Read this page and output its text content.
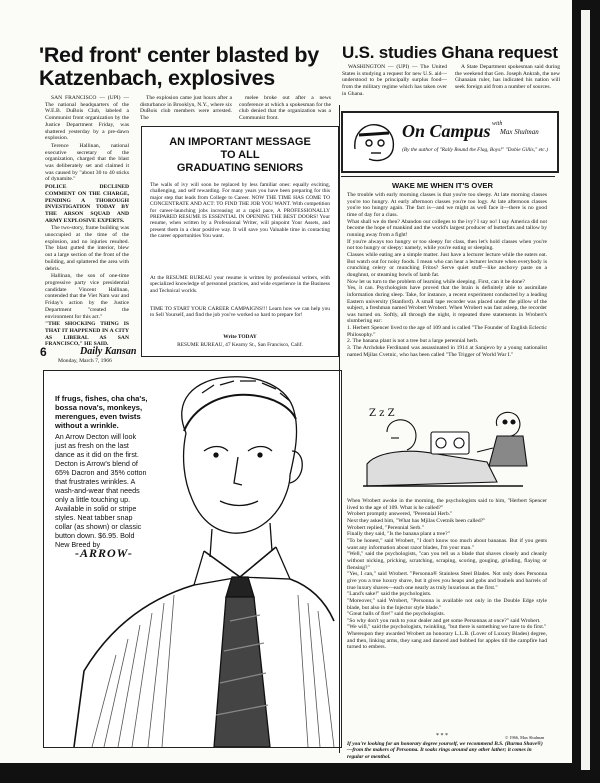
'Red front' center blasted by Katzenbach, explosives

SAN FRANCISCO — (UPI) — The national headquarters of the W.E.B. DuBois Club, labeled a Communist front organization by the Justice Department Friday, was shattered yesterday by a pre-dawn explosion.

Terence Hallinan, national executive secretary of the organization, charged that the blast was deliberately set and claimed it was caused by "about 30 to 40 sticks of dynamite."

POLICE DECLINED COMMENT ON THE CHARGE, PENDING A THOROUGH INVESTIGATION TODAY BY THE ARSON SQUAD AND ARMY EXPLOSIVE EXPERTS.

The two-story, frame building was unoccupied at the time of the explosion, and no injuries resulted. The blast gutted the interior, blew out a large section of the front of the building, and splattered the area with debris.

Hallinan, the son of one-time progressive party vice presidential candidate Vincent Hallinan, contended that the Viet Nam war and Friday's action by the Justice Department "created the environment for this act."

"THE SHOCKING THING IS THAT IT HAPPENED IN A CITY AS LIBERAL AS SAN FRANCISCO," HE SAID.

The explosion came just hours after a disturbance in Brooklyn, N.Y., where six DuBois club members were arrested. The

melee broke out after a news conference at which a spokesman for the club denied that the organization was a Communist front.

U.S. studies Ghana request

WASHINGTON — (UPI) — The United States is studying a request for new U.S. aid—understood to be principally surplus food—from the military regime which has taken over in Ghana.

A State Department spokesman said during the weekend that Gen. Joseph Ankrah, the new Ghanaian ruler, has indicated his nation will seek foreign aid from a number of sources.

AN IMPORTANT MESSAGE
TO ALL
GRADUATING SENIORS
The walls of ivy will soon be replaced by less familiar ones: equally exciting, challenging, and self rewarding. For many years you have been preparing for this major step that leads from College to Career. NOW THE TIME HAS COME TO CONCENTRATE AND ACT: TO FIND THE JOB YOU WANT. With competition for career-launching jobs increasing at a rapid pace, A PROFESSIONALLY PREPARED RESUME IS ESSENTIAL IN OPENING THE BEST DOORS! Your resume, when written by a Professional Writer, will pinpoint Your Assets, and present them in a clear positive way. It will save you Valuable time in contacting the career opportunities You want.
At the RESUME BUREAU your resume is written by professional writers, with specialized knowledge of personnel practices, and wide experience in the Business and Technical worlds.
TIME TO START YOUR CAREER CAMPAIGNS!!! Learn how we can help you to Sell Yourself, and find the job you've worked so hard to prepare for!
Write TODAY
RESUME BUREAU, 47 Kearny St., San Francisco, Calif.
6	Daily Kansan
Monday, March 7, 1966
If frugs, fishes, cha cha's, bossa nova's, monkeys, merengues, even twists without a wrinkle.
An Arrow Decton will look just as fresh on the last dance as it did on the first. Decton is Arrow's blend of 65% Dacron and 35% cotton that frustrates wrinkles. A wash-and-wear that needs only a little touching up. Available in solid or stripe styles. Neat tabber snap collar (as shown) or classic button down. $6.95. Bold New Breed by
-ARROW-
On Campus with
Max Shulman
(By the author of "Rally Round the Flag, Boys!" "Dobie Gillis," etc.)
WAKE ME WHEN IT'S OVER

The trouble with early morning classes is that you're too sleepy. At late morning classes you're too hungry. At early afternoon classes you're too logy. At late afternoon classes you're too hungry again. The fact is—and we might as well face it—there is no good time of day for a class.

What shall we do then? Abandon our colleges to the ivy? I say no! I say America did not become the hope of mankind and the world's largest producer of butterfats and tallow by running away from a fight!

If you're always too hungry or too sleepy for class, then let's hold classes when you're not too hungry or sleepy: namely, while you're eating or sleeping.

Classes while eating are a simple matter. Just have a lecturer lecture while the eaters eat. But watch out for noisy foods. I mean who can hear a lecturer lecture when everybody is crunching celery or munching Fritos? Serve quiet stuff—like anchovy paste on a doughnut, or steaming bowls of lamb fat.

Now let us turn to the problem of learning while sleeping. First, can it be done?

Yes, it can. Psychologists have proved that the brain is definitely able to assimilate information during sleep. Take, for instance, a recent experiment conducted by a leading Eastern university (Stanford). A small tape recorder was placed under the pillow of the subject, a freshman named Wrobert Wrobert. When Wrobert was fast asleep, the recorder was turned on. Softly, all through the night, it repeated three statements in Wrobert's slumbering ear:

1. Herbert Spencer lived to the age of 109 and is called "The Founder of English Eclectic Philosophy."

2. The banana plant is not a tree but a large perennial herb.

3. The Archduke Ferdinand was assassinated in 1914 at Sarajevo by a young nationalist named Mjilas Cvetnic, who has been called "The Trigger of World War I."

Z z Z

When Wrobert awoke in the morning, the psychologists said to him, "Herbert Spencer lived to the age of 109. What is he called?"

Wrobert promptly answered, "Perennial Herb."

Next they asked him, "What has Mjilas Cvetnik been called?"

Wrobert replied, "Perennial Serb."

Finally they said, "Is the banana plant a tree?"

"To be honest," said Wrobert, "I don't know too much about bananas. But if you gents want any information about razor blades, I'm your man."

"Well," said the psychologists, "can you tell us a blade that shaves closely and cleanly without nicking, pricking, scratching, scraping, scoring, gouging, grinding, flaying or flensing?"

"Yes, I can," said Wrobert. "Personna® Stainless Steel Blades. Not only does Personna give you a true luxury shave, but it gives you heaps and gobs and bushels and barrels of true luxury shaves—each one nearly as truly luxurious as the first."

"Land's sake!" said the psychologists.

"Moreover," said Wrobert, "Personna is available not only in the Double Edge style blade, but also in the Injector style blade."

"Great balls of fire!" said the psychologists.

"So why don't you rush to your dealer and get some Personnas at once?" said Wrobert.

"We will," said the psychologists, twinkling, "but there is something we have to do first."

Whereupon they awarded Wrobert an honorary L.L.B. (Lover of Luxury Blades) degree, and then, linking arms, they sang and danced and bobbed for apples till the campfire had turned to embers.

* * *	© 1966, Max Shulman
If you're looking for an honorary degree yourself, we recommend B.S. (Burma Shave®)—from the makers of Personna. It soaks rings around any other lather; it comes in regular or menthol.
